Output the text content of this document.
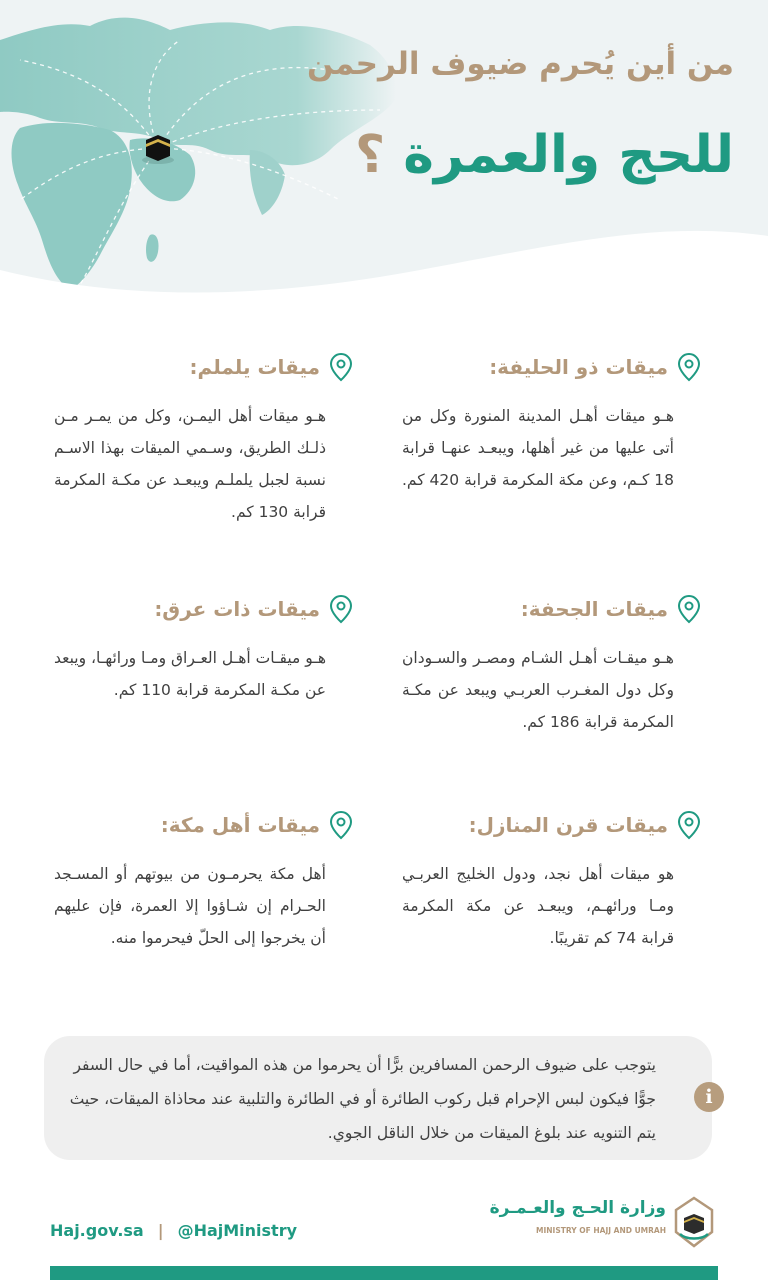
من أين يُحرم ضيوف الرحمن
للحج والعمرة ؟
ميقات ذو الحليفة:

هـو ميقات أهـل المدينة المنورة وكل من أتى عليها من غير أهلها، ويبعـد عنهـا قرابة 18 كـم، وعن مكة المكرمة قرابة 420 كم.

ميقات يلملم:

هـو ميقات أهل اليمـن، وكل من يمـر مـن ذلـك الطريق، وسـمي الميقات بهذا الاسـم نسبة لجبل يلملـم ويبعـد عن مكـة المكرمة قرابة 130 كم.

ميقات الجحفة:

هـو ميقـات أهـل الشـام ومصـر والسـودان وكل دول المغـرب العربـي ويبعد عن مكـة المكرمة قرابة 186 كم.

ميقات ذات عرق:

هـو ميقـات أهـل العـراق ومـا ورائهـا، ويبعد عن مكـة المكرمة قرابة 110 كم.

ميقات قرن المنازل:

هو ميقات أهل نجد، ودول الخليج العربـي ومـا ورائهـم، ويبعـد عن مكة المكرمة قرابة 74 كم تقريبًا.

ميقات أهل مكة:

أهل مكة يحرمـون من بيوتهم أو المسـجد الحـرام إن شـاؤوا إلا العمرة، فإن عليهم أن يخرجوا إلى الحلّ فيحرموا منه.

i

يتوجب على ضيوف الرحمن المسافرين برًّا أن يحرموا من هذه المواقيت، أما في حال السفر جوًّا فيكون لبس الإحرام قبل ركوب الطائرة أو في الطائرة والتلبية عند محاذاة الميقات، حيث يتم التنويه عند بلوغ الميقات من خلال الناقل الجوي.

Haj.gov.sa | @HajMinistry
وزارة الحـج والعـمـرة
MINISTRY OF HAJJ AND UMRAH
